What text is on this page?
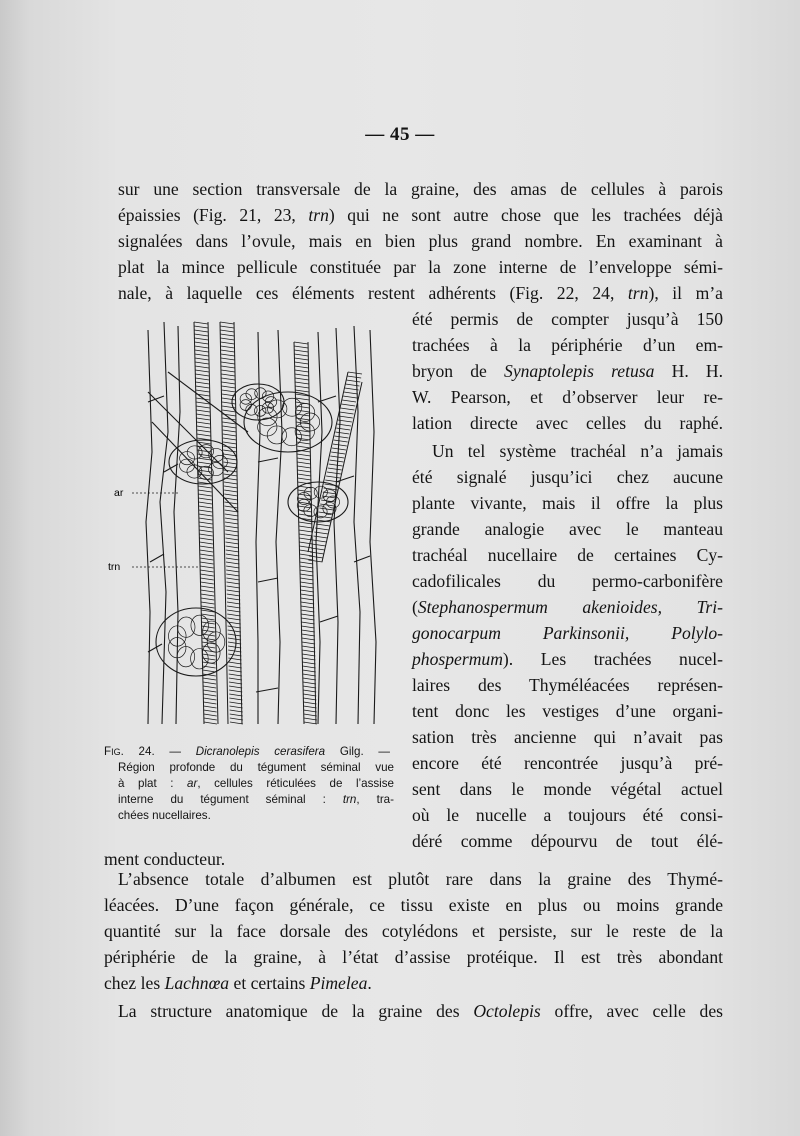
— 45 —
sur une section transversale de la graine, des amas de cellules à parois
épaissies (Fig. 21, 23, trn) qui ne sont autre chose que les trachées déjà
signalées dans l’ovule, mais en bien plus grand nombre. En examinant à
plat la mince pellicule constituée par la zone interne de l’enveloppe sémi-
nale, à laquelle ces éléments restent adhérents (Fig. 22, 24, trn), il m’a
été permis de compter jusqu’à 150
trachées à la périphérie d’un em-
bryon de Synaptolepis retusa H. H.
W. Pearson, et d’observer leur re-
lation directe avec celles du raphé.
Un tel système trachéal n’a jamais
été signalé jusqu’ici chez aucune
plante vivante, mais il offre la plus
grande analogie avec le manteau
trachéal nucellaire de certaines Cy-
cadofilicales du permo-carbonifère
(Stephanospermum akenioides, Tri-
gonocarpum Parkinsonii, Polylo-
phospermum). Les trachées nucel-
laires des Thyméléacées représen-
tent donc les vestiges d’une organi-
sation très ancienne qui n’avait pas
encore été rencontrée jusqu’à pré-
sent dans le monde végétal actuel
où le nucelle a toujours été consi-
déré comme dépourvu de tout élé-
ar
trn
FIG. 24. — Dicranolepis cerasifera Gilg. —
Région profonde du tégument séminal vue
à plat : ar, cellules réticulées de l’assise
interne du tégument séminal : trn, tra-
chées nucellaires.
ment conducteur.
L’absence totale d’albumen est plutôt rare dans la graine des Thymé-
léacées. D’une façon générale, ce tissu existe en plus ou moins grande
quantité sur la face dorsale des cotylédons et persiste, sur le reste de la
périphérie de la graine, à l’état d’assise protéique. Il est très abondant
chez les Lachnœa et certains Pimelea.
La structure anatomique de la graine des Octolepis offre, avec celle des
